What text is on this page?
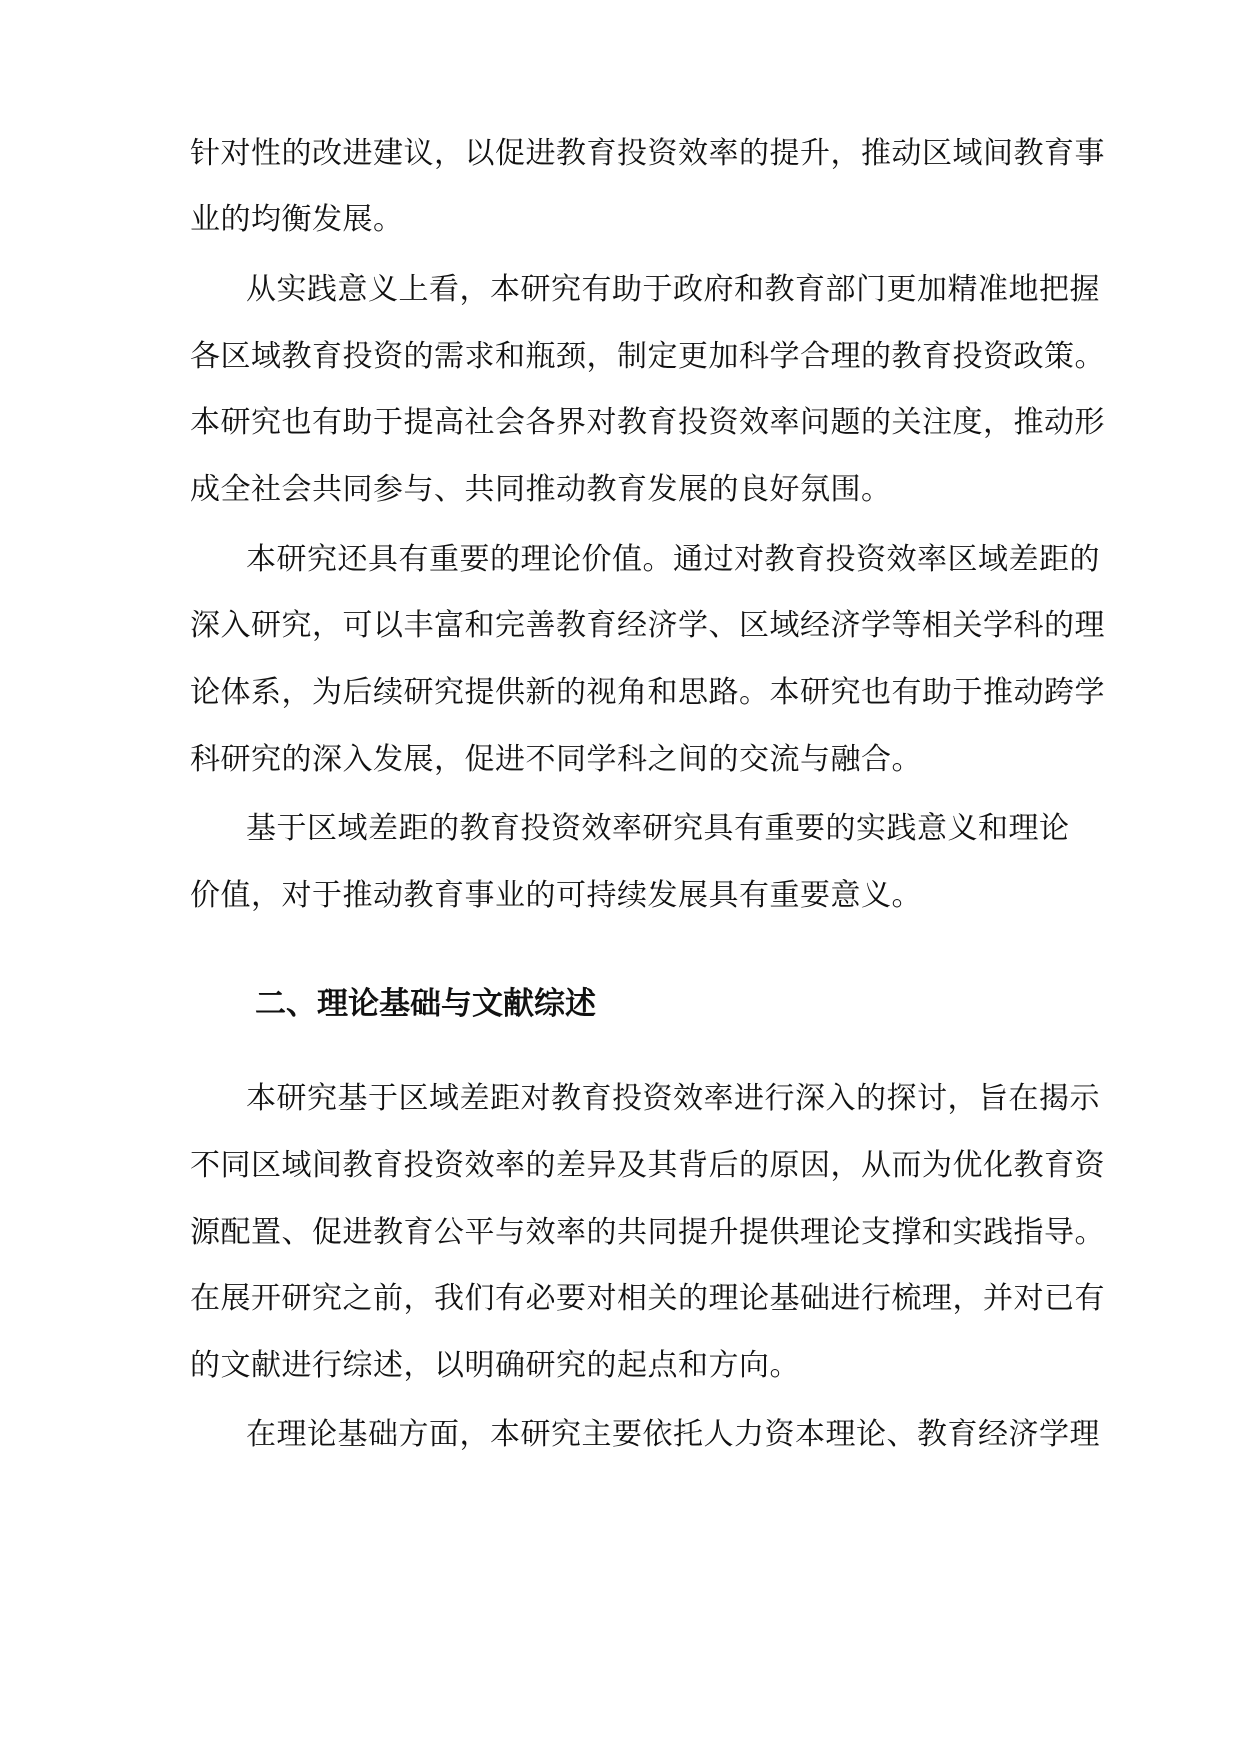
针对性的改进建议，以促进教育投资效率的提升，推动区域间教育事
业的均衡发展。
从实践意义上看，本研究有助于政府和教育部门更加精准地把握
各区域教育投资的需求和瓶颈，制定更加科学合理的教育投资政策。
本研究也有助于提高社会各界对教育投资效率问题的关注度，推动形
成全社会共同参与、共同推动教育发展的良好氛围。
本研究还具有重要的理论价值。通过对教育投资效率区域差距的
深入研究，可以丰富和完善教育经济学、区域经济学等相关学科的理
论体系，为后续研究提供新的视角和思路。本研究也有助于推动跨学
科研究的深入发展，促进不同学科之间的交流与融合。
基于区域差距的教育投资效率研究具有重要的实践意义和理论
价值，对于推动教育事业的可持续发展具有重要意义。
二、理论基础与文献综述
本研究基于区域差距对教育投资效率进行深入的探讨，旨在揭示
不同区域间教育投资效率的差异及其背后的原因，从而为优化教育资
源配置、促进教育公平与效率的共同提升提供理论支撑和实践指导。
在展开研究之前，我们有必要对相关的理论基础进行梳理，并对已有
的文献进行综述，以明确研究的起点和方向。
在理论基础方面，本研究主要依托人力资本理论、教育经济学理
